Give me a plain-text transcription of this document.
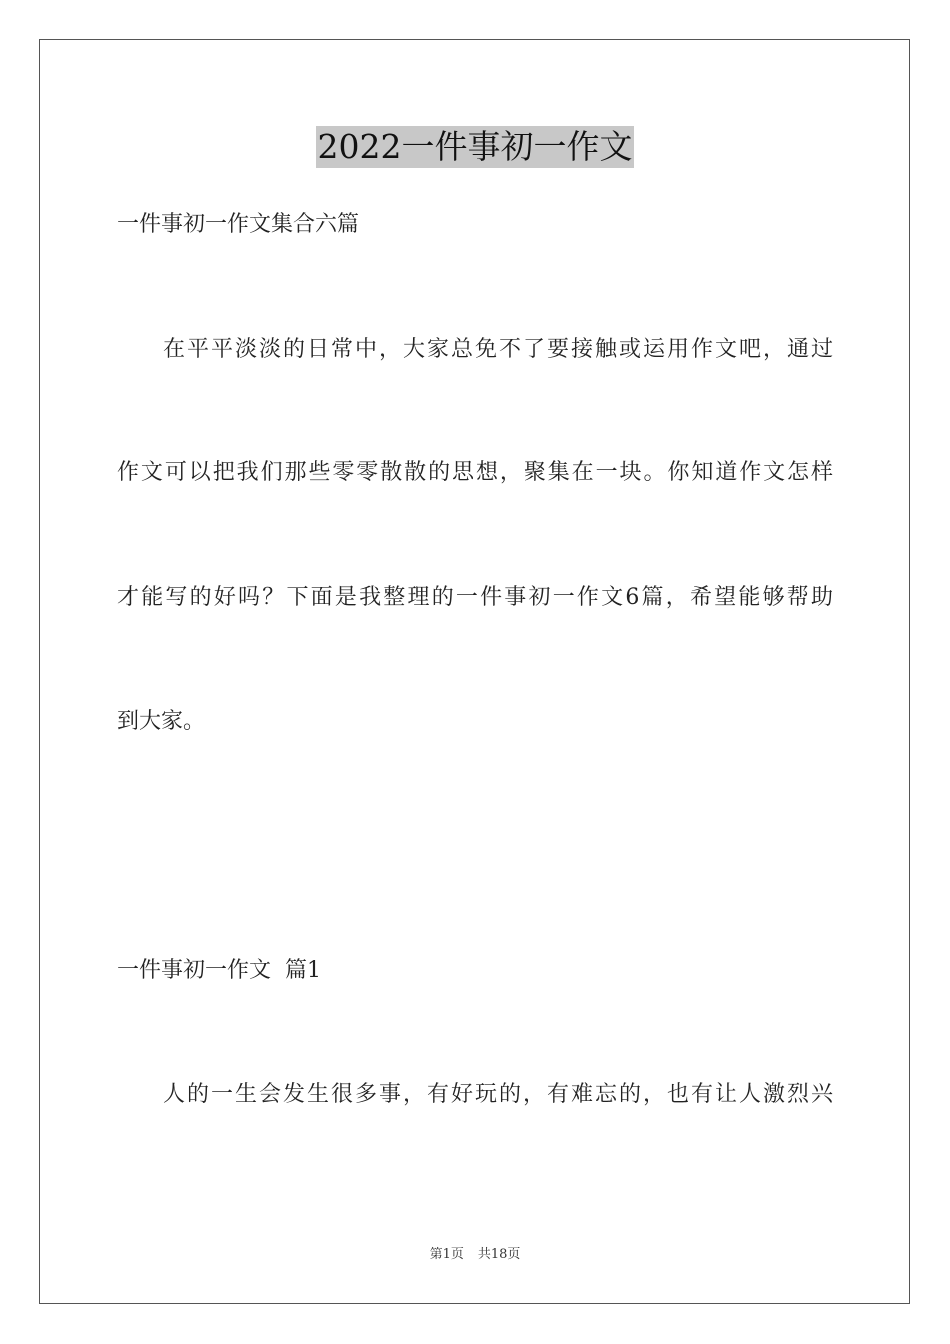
2022一件事初一作文
一件事初一作文集合六篇
在平平淡淡的日常中，大家总免不了要接触或运用作文吧，通过
作文可以把我们那些零零散散的思想，聚集在一块。你知道作文怎样
才能写的好吗？下面是我整理的一件事初一作文6篇，希望能够帮助
到大家。
一件事初一作文  篇1
人的一生会发生很多事，有好玩的，有难忘的，也有让人激烈兴
第1页 共18页
